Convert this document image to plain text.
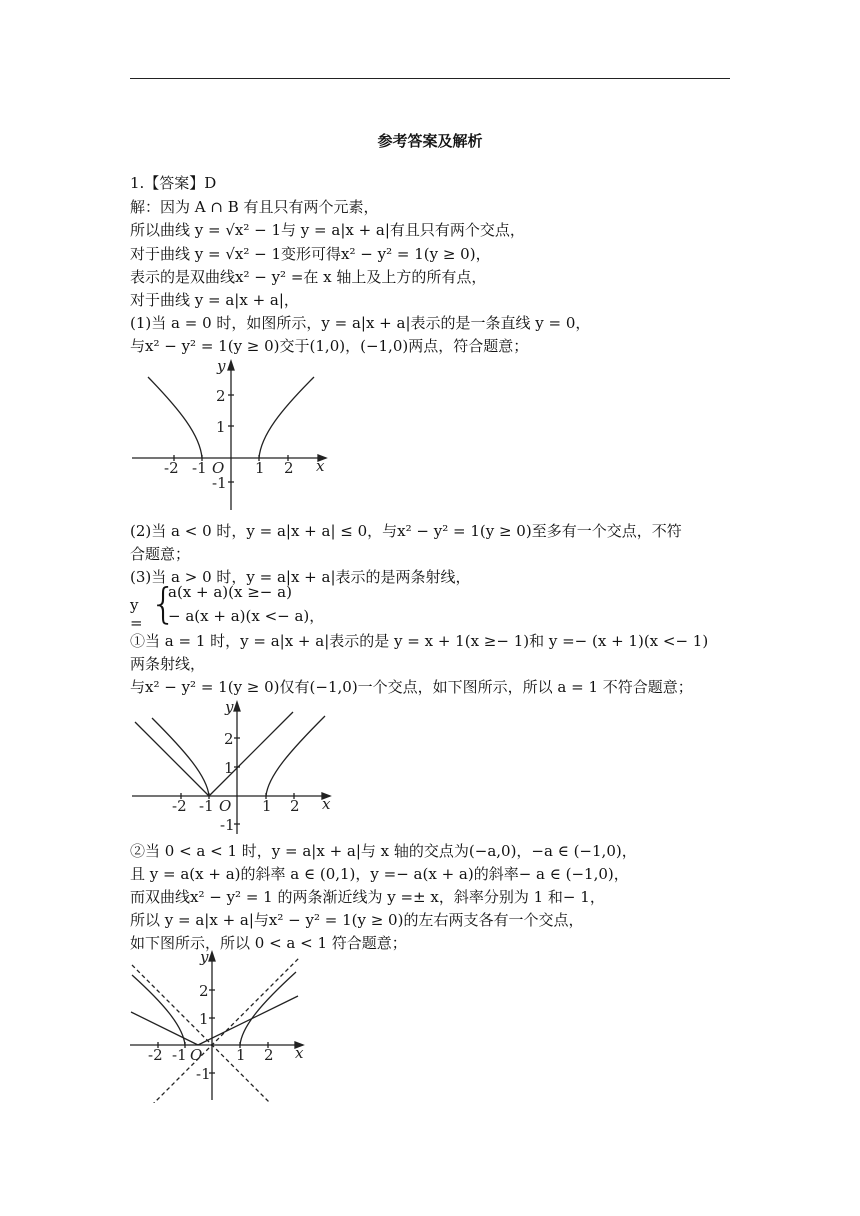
参考答案及解析
1.【答案】D
解：因为 A ∩ B 有且只有两个元素，
所以曲线 y = √x² − 1与 y = a|x + a|有且只有两个交点，
对于曲线 y = √x² − 1变形可得x² − y² = 1(y ≥ 0)，
表示的是双曲线x² − y² =在 x 轴上及上方的所有点，
对于曲线 y = a|x + a|，
(1)当 a = 0 时，如图所示，y = a|x + a|表示的是一条直线 y = 0，
与x² − y² = 1(y ≥ 0)交于(1,0)，(−1,0)两点，符合题意；
y
x
O
2
1
-1
-2 -1	1 2
(2)当 a < 0 时，y = a|x + a| ≤ 0，与x² − y² = 1(y ≥ 0)至多有一个交点，不符
合题意；
(3)当 a > 0 时，y = a|x + a|表示的是两条射线，
y = {
a(x + a)(x ≥− a)
− a(x + a)(x <− a)，
①当 a = 1 时，y = a|x + a|表示的是 y = x + 1(x ≥− 1)和 y =− (x + 1)(x <− 1)
两条射线，
与x² − y² = 1(y ≥ 0)仅有(−1,0)一个交点，如下图所示，所以 a = 1 不符合题意；
y
x
O
2
1
-1
-2 -1	1 2
②当 0 < a < 1 时，y = a|x + a|与 x 轴的交点为(−a,0)，−a ∈ (−1,0)，
且 y = a(x + a)的斜率 a ∈ (0,1)，y =− a(x + a)的斜率− a ∈ (−1,0)，
而双曲线x² − y² = 1 的两条渐近线为 y =± x，斜率分别为 1 和− 1，
所以 y = a|x + a|与x² − y² = 1(y ≥ 0)的左右两支各有一个交点，
如下图所示，所以 0 < a < 1 符合题意；
y
x
O
2
1
-1
-2 -1	1 2
